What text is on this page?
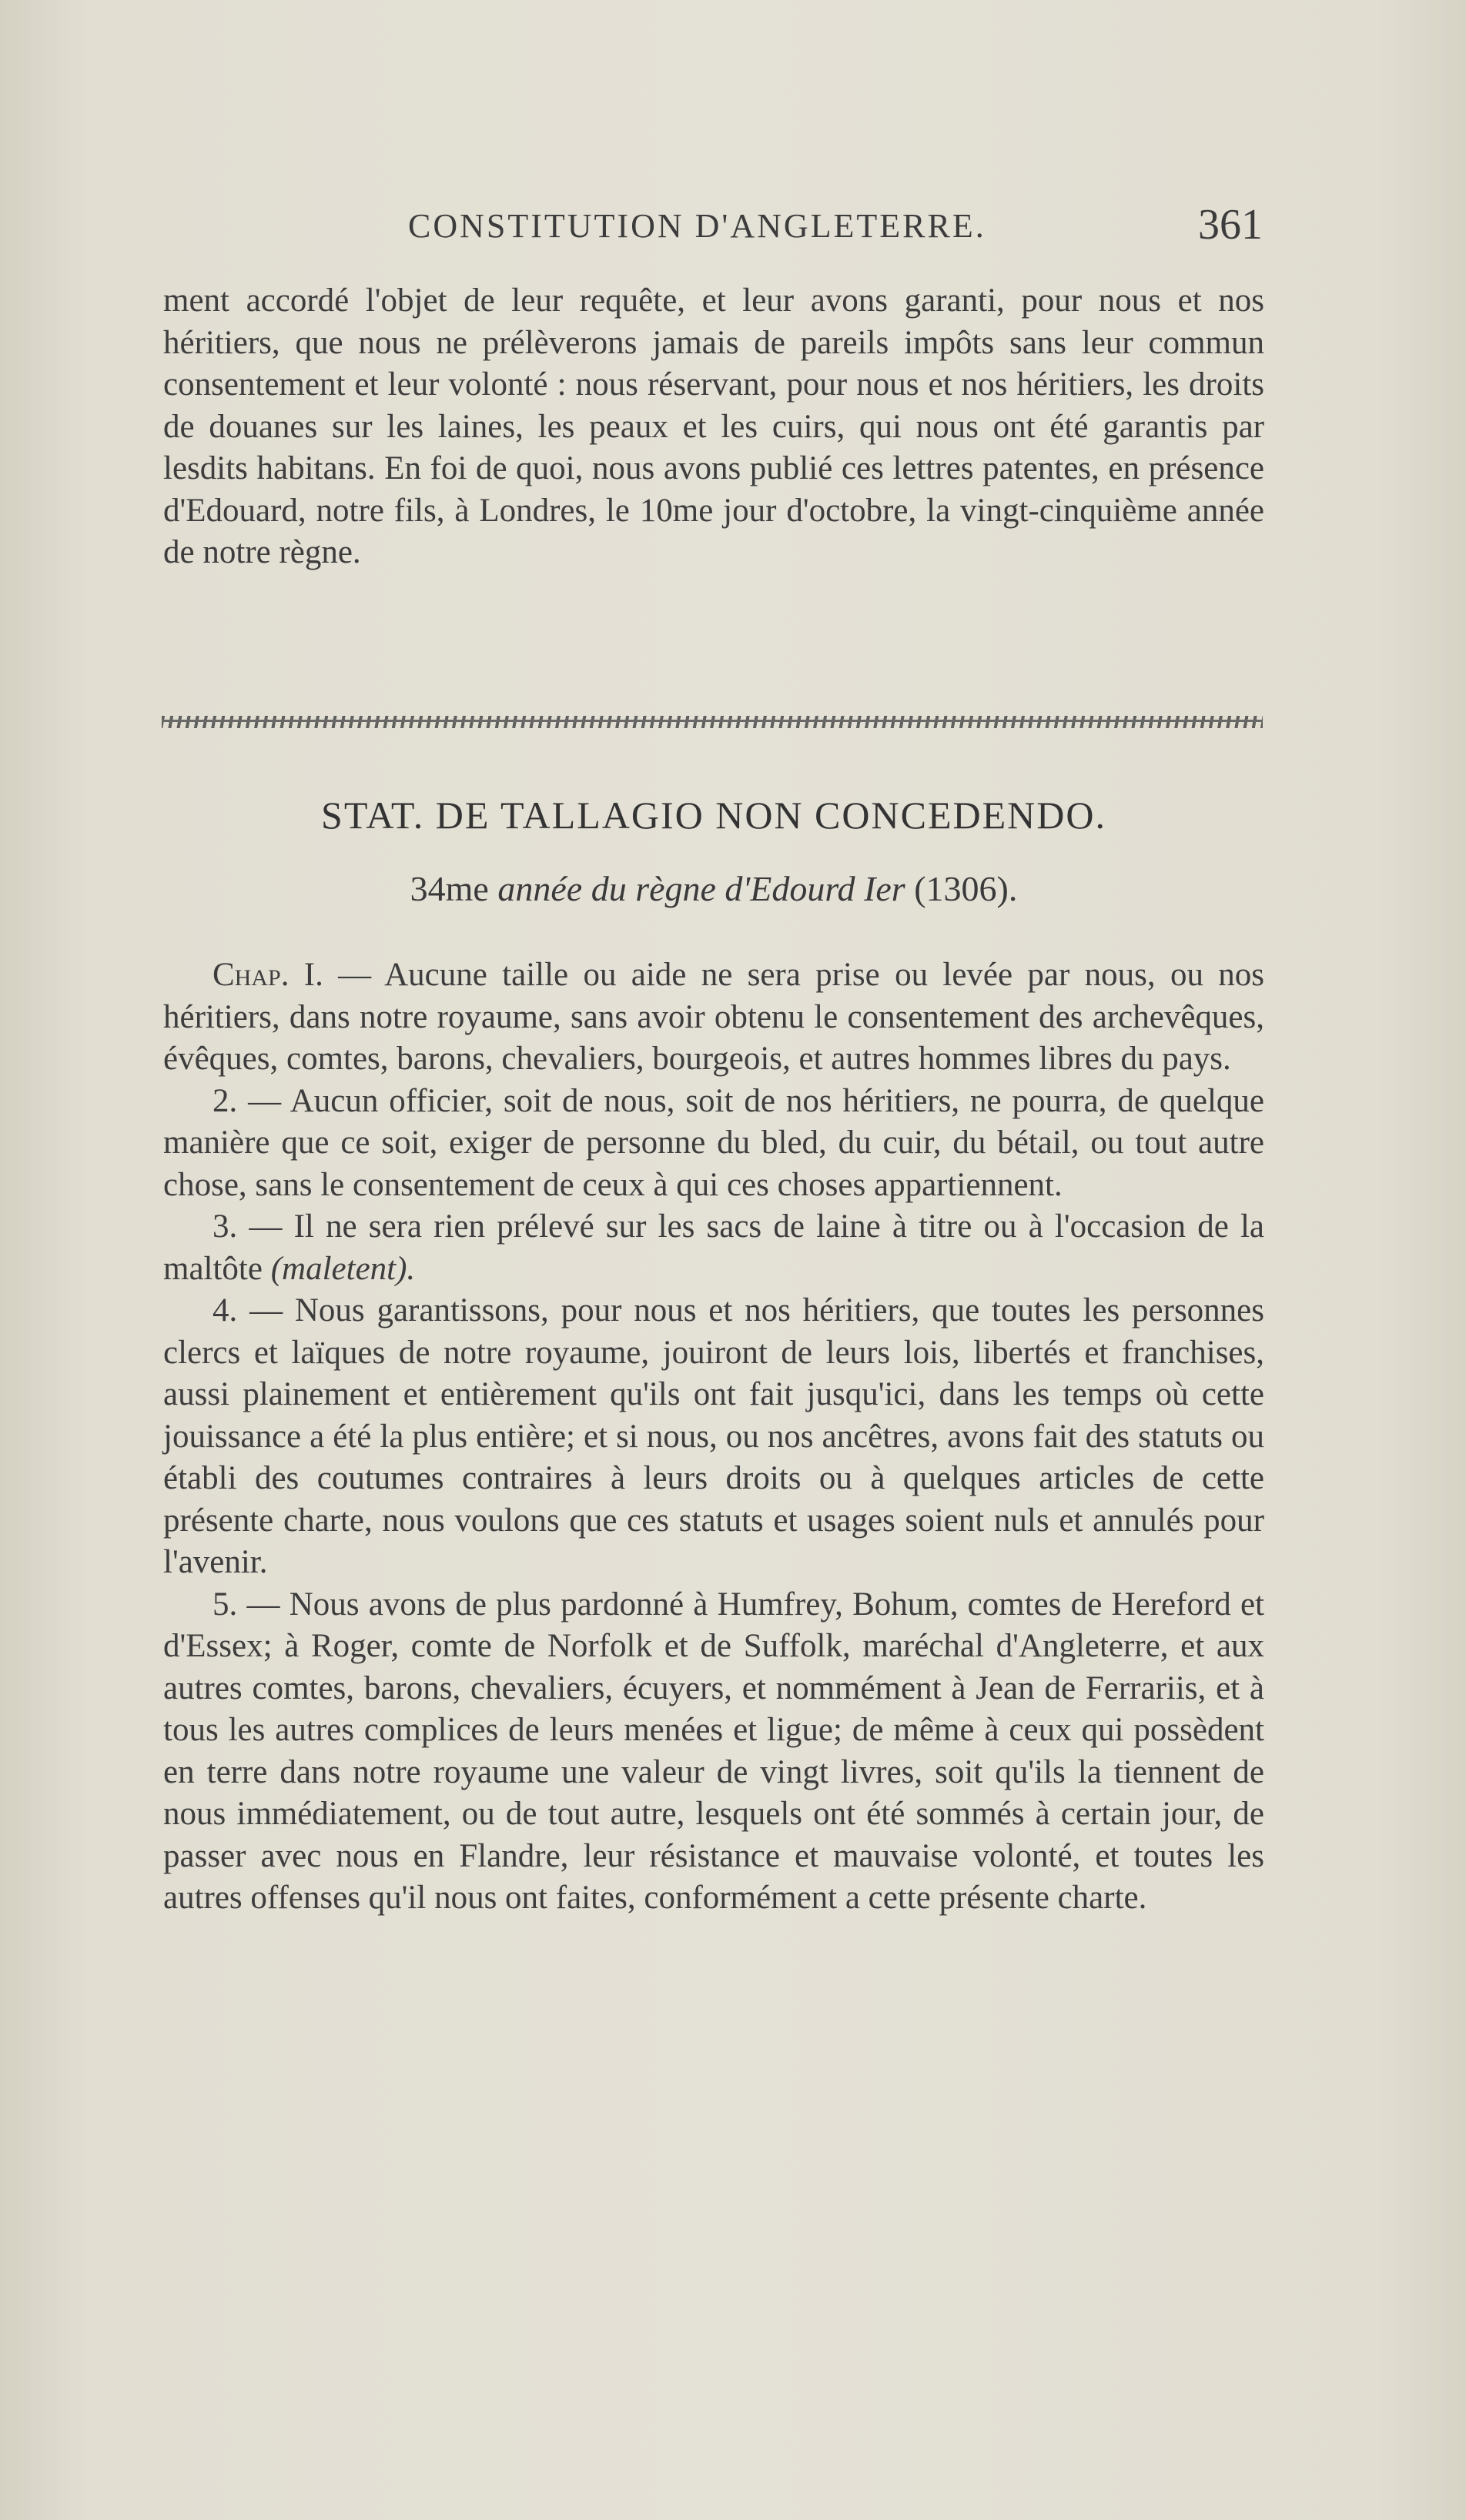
CONSTITUTION D'ANGLETERRE.	361

ment accordé l'objet de leur requête, et leur avons garanti, pour nous et nos héritiers, que nous ne prélèverons jamais de pareils impôts sans leur commun consentement et leur volonté : nous réservant, pour nous et nos héritiers, les droits de douanes sur les laines, les peaux et les cuirs, qui nous ont été garantis par lesdits habitans. En foi de quoi, nous avons publié ces lettres patentes, en présence d'Edouard, notre fils, à Londres, le 10me jour d'octobre, la vingt-cinquième année de notre règne.

STAT. DE TALLAGIO NON CONCEDENDO.
34me année du règne d'Edourd Ier (1306).

Chap. I. — Aucune taille ou aide ne sera prise ou levée par nous, ou nos héritiers, dans notre royaume, sans avoir obtenu le consentement des archevêques, évêques, comtes, barons, chevaliers, bourgeois, et autres hommes libres du pays.

2. — Aucun officier, soit de nous, soit de nos héritiers, ne pourra, de quelque manière que ce soit, exiger de personne du bled, du cuir, du bétail, ou tout autre chose, sans le consentement de ceux à qui ces choses appartiennent.

3. — Il ne sera rien prélevé sur les sacs de laine à titre ou à l'occasion de la maltôte (maletent).

4. — Nous garantissons, pour nous et nos héritiers, que toutes les personnes clercs et laïques de notre royaume, jouiront de leurs lois, libertés et franchises, aussi plainement et entièrement qu'ils ont fait jusqu'ici, dans les temps où cette jouissance a été la plus entière; et si nous, ou nos ancêtres, avons fait des statuts ou établi des coutumes contraires à leurs droits ou à quelques articles de cette présente charte, nous voulons que ces statuts et usages soient nuls et annulés pour l'avenir.

5. — Nous avons de plus pardonné à Humfrey, Bohum, comtes de Hereford et d'Essex; à Roger, comte de Norfolk et de Suffolk, maréchal d'Angleterre, et aux autres comtes, barons, chevaliers, écuyers, et nommément à Jean de Ferrariis, et à tous les autres complices de leurs menées et ligue; de même à ceux qui possèdent en terre dans notre royaume une valeur de vingt livres, soit qu'ils la tiennent de nous immédiatement, ou de tout autre, lesquels ont été sommés à certain jour, de passer avec nous en Flandre, leur résistance et mauvaise volonté, et toutes les autres offenses qu'il nous ont faites, conformément a cette présente charte.
